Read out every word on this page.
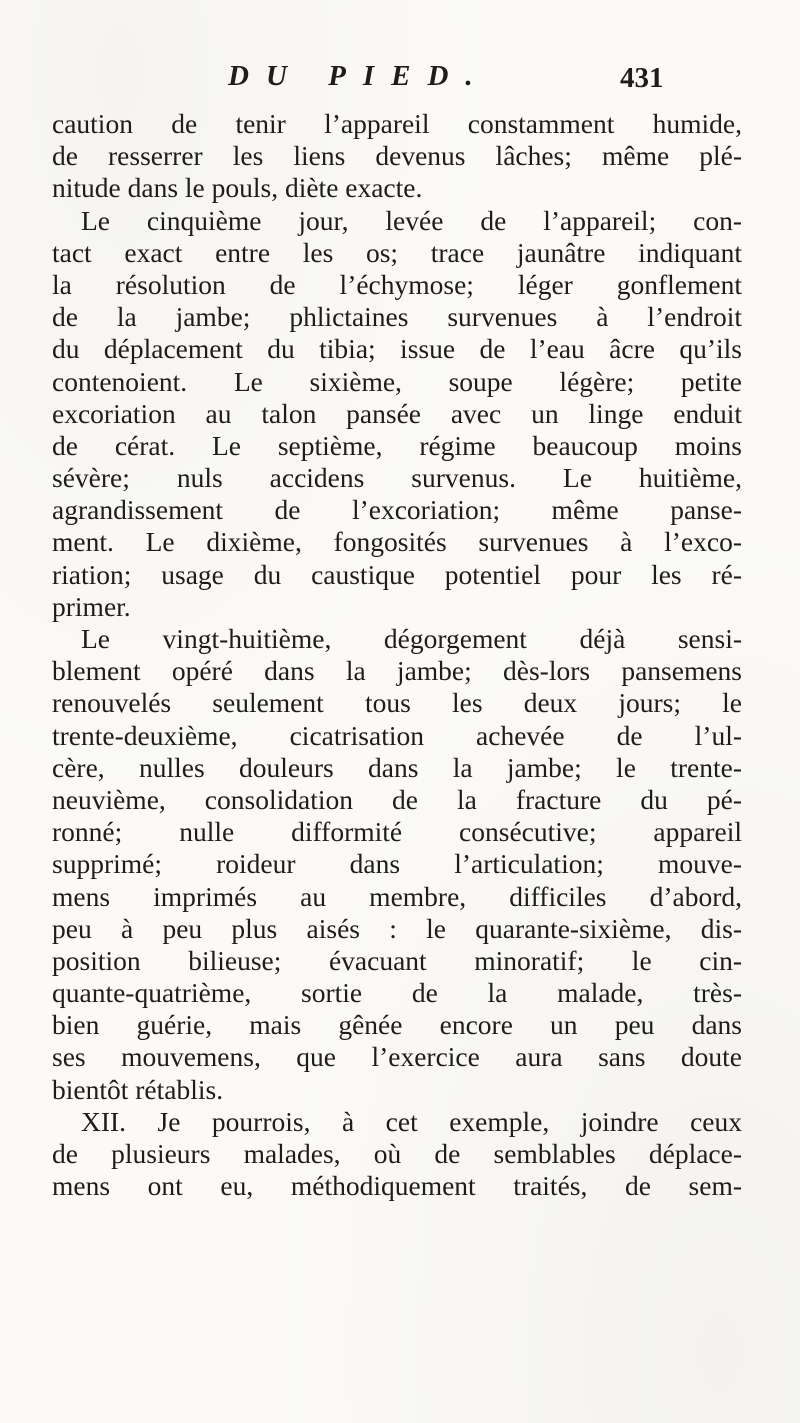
DU PIED.	431
caution de tenir l’appareil constamment humide,
de resserrer les liens devenus lâches; même plé-
nitude dans le pouls, diète exacte.
Le cinquième jour, levée de l’appareil; con-
tact exact entre les os; trace jaunâtre indiquant
la résolution de l’échymose; léger gonflement
de la jambe; phlictaines survenues à l’endroit
du déplacement du tibia; issue de l’eau âcre qu’ils
contenoient. Le sixième, soupe légère; petite
excoriation au talon pansée avec un linge enduit
de cérat. Le septième, régime beaucoup moins
sévère; nuls accidens survenus. Le huitième,
agrandissement de l’excoriation; même panse-
ment. Le dixième, fongosités survenues à l’exco-
riation; usage du caustique potentiel pour les ré-
primer.
Le vingt-huitième, dégorgement déjà sensi-
blement opéré dans la jambe; dès-lors pansemens
renouvelés seulement tous les deux jours; le
trente-deuxième, cicatrisation achevée de l’ul-
cère, nulles douleurs dans la jambe; le trente-
neuvième, consolidation de la fracture du pé-
ronné; nulle difformité consécutive; appareil
supprimé; roideur dans l’articulation; mouve-
mens imprimés au membre, difficiles d’abord,
peu à peu plus aisés : le quarante-sixième, dis-
position bilieuse; évacuant minoratif; le cin-
quante-quatrième, sortie de la malade, très-
bien guérie, mais gênée encore un peu dans
ses mouvemens, que l’exercice aura sans doute
bientôt rétablis.
XII. Je pourrois, à cet exemple, joindre ceux
de plusieurs malades, où de semblables déplace-
mens ont eu, méthodiquement traités, de sem-
